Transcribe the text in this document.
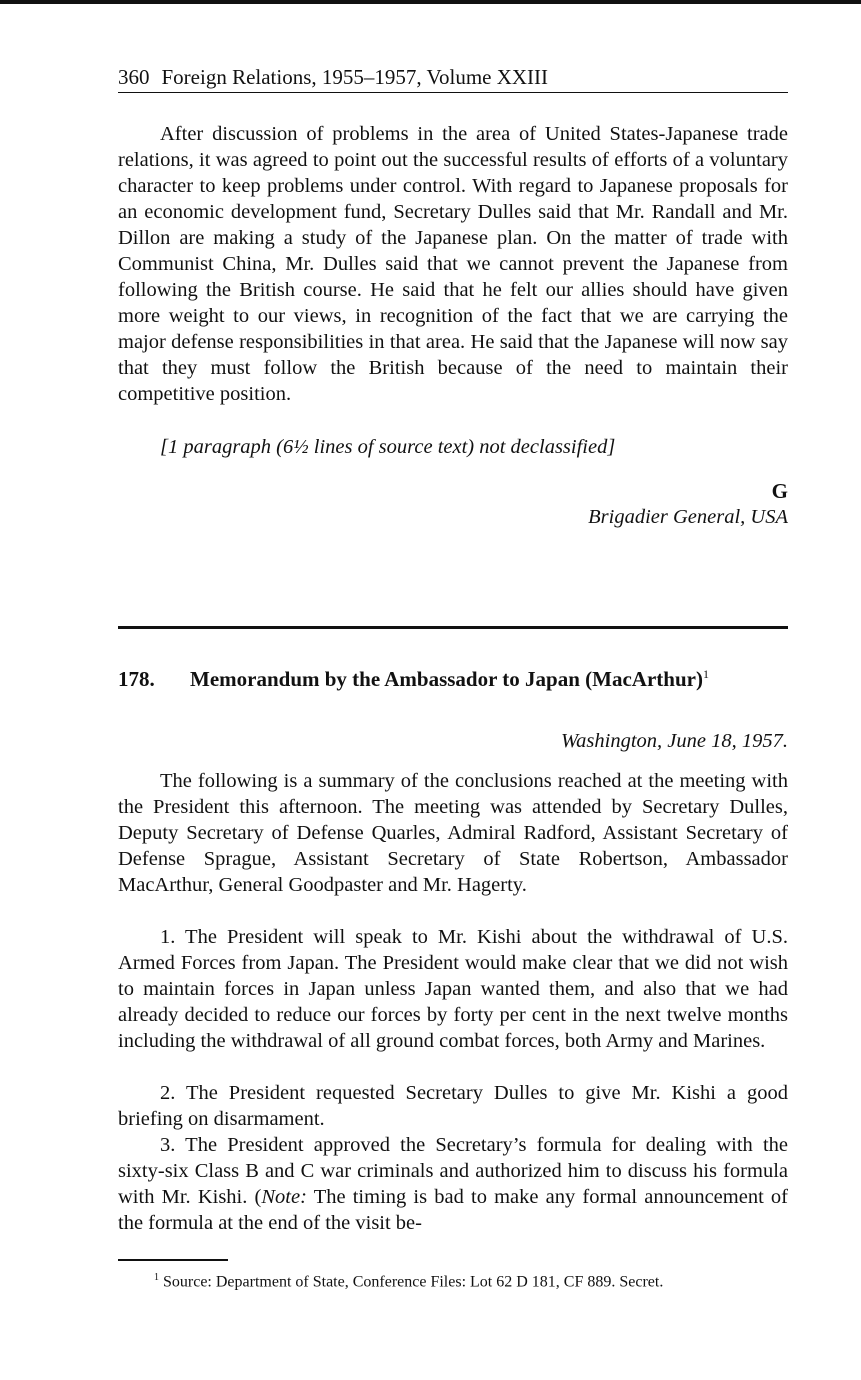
360 Foreign Relations, 1955–1957, Volume XXIII

After discussion of problems in the area of United States-Japanese trade relations, it was agreed to point out the successful results of efforts of a voluntary character to keep problems under control. With regard to Japanese proposals for an economic development fund, Secretary Dulles said that Mr. Randall and Mr. Dillon are making a study of the Japanese plan. On the matter of trade with Communist China, Mr. Dulles said that we cannot prevent the Japanese from following the British course. He said that he felt our allies should have given more weight to our views, in recognition of the fact that we are carrying the major defense responsibilities in that area. He said that the Japanese will now say that they must follow the British because of the need to maintain their competitive position.

[1 paragraph (6½ lines of source text) not declassified]

G
Brigadier General, USA
178. Memorandum by the Ambassador to Japan (MacArthur)$^1$
Washington, June 18, 1957.

The following is a summary of the conclusions reached at the meeting with the President this afternoon. The meeting was attended by Secretary Dulles, Deputy Secretary of Defense Quarles, Admiral Radford, Assistant Secretary of Defense Sprague, Assistant Secretary of State Robertson, Ambassador MacArthur, General Goodpaster and Mr. Hagerty.

1. The President will speak to Mr. Kishi about the withdrawal of U.S. Armed Forces from Japan. The President would make clear that we did not wish to maintain forces in Japan unless Japan wanted them, and also that we had already decided to reduce our forces by forty per cent in the next twelve months including the withdrawal of all ground combat forces, both Army and Marines.

2. The President requested Secretary Dulles to give Mr. Kishi a good briefing on disarmament.

3. The President approved the Secretary’s formula for dealing with the sixty-six Class B and C war criminals and authorized him to discuss his formula with Mr. Kishi. (Note: The timing is bad to make any formal announcement of the formula at the end of the visit be-

$^1$ Source: Department of State, Conference Files: Lot 62 D 181, CF 889. Secret.
